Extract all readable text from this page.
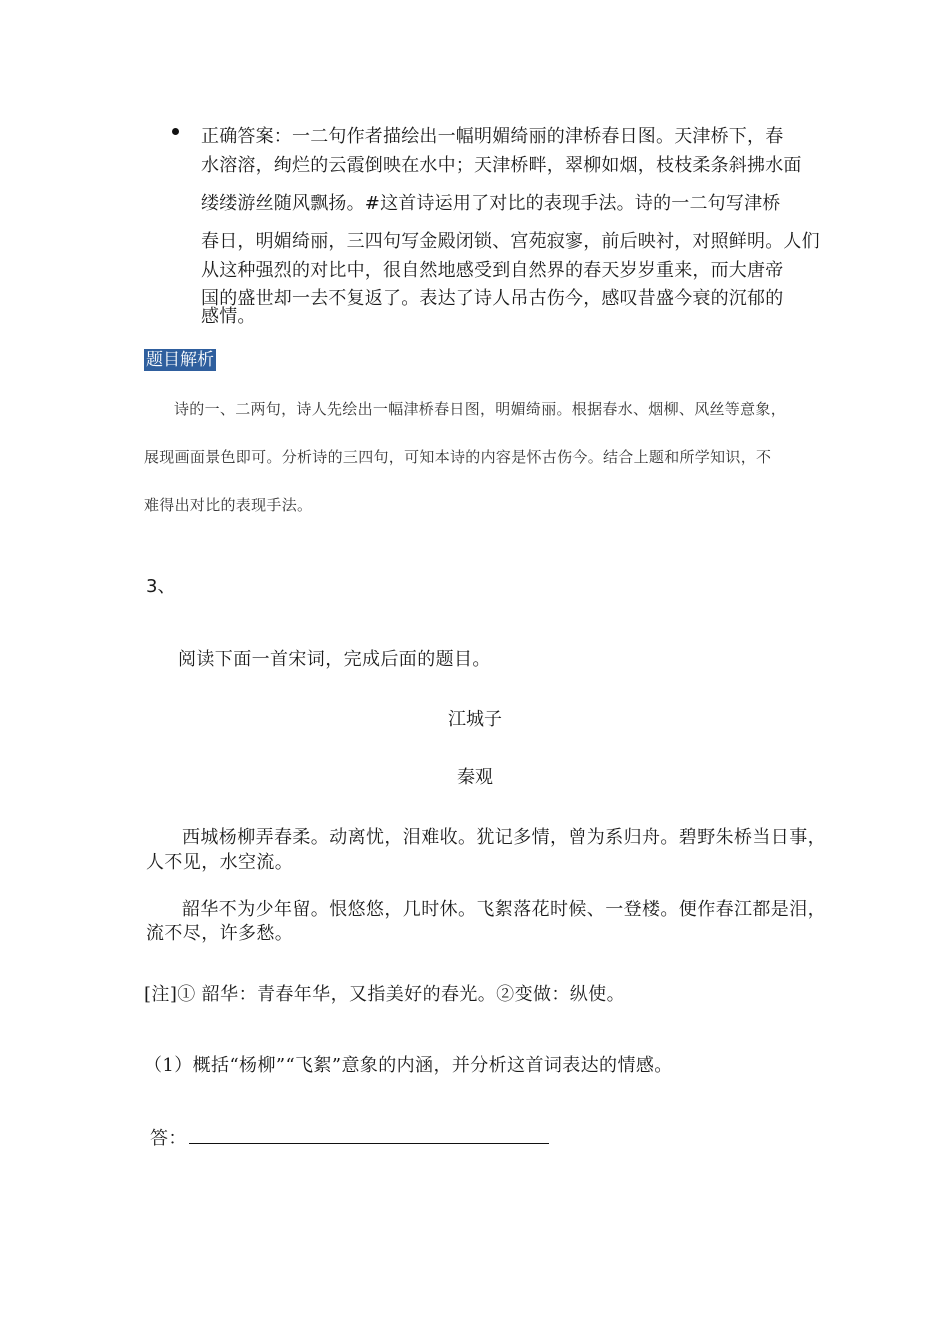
正确答案：一二句作者描绘出一幅明媚绮丽的津桥春日图。天津桥下，春
水溶溶，绚烂的云霞倒映在水中；天津桥畔，翠柳如烟，枝枝柔条斜拂水面
缕缕游丝随风飘扬。#这首诗运用了对比的表现手法。诗的一二句写津桥
春日，明媚绮丽，三四句写金殿闭锁、宫苑寂寥，前后映衬，对照鲜明。人们
从这种强烈的对比中，很自然地感受到自然界的春天岁岁重来，而大唐帝
国的盛世却一去不复返了。表达了诗人吊古伤今，感叹昔盛今衰的沉郁的
感情。
题目解析
诗的一、二两句，诗人先绘出一幅津桥春日图，明媚绮丽。根据春水、烟柳、风丝等意象，
展现画面景色即可。分析诗的三四句，可知本诗的内容是怀古伤今。结合上题和所学知识，不
难得出对比的表现手法。
3、
阅读下面一首宋词，完成后面的题目。
江城子
秦观
西城杨柳弄春柔。动离忧，泪难收。犹记多情，曾为系归舟。碧野朱桥当日事，
人不见，水空流。
韶华不为少年留。恨悠悠，几时休。飞絮落花时候、一登楼。便作春江都是泪，
流不尽，许多愁。
[注]① 韶华：青春年华，又指美好的春光。②变做：纵使。
（1）概括“杨柳”“飞絮”意象的内涵，并分析这首词表达的情感。
答：
